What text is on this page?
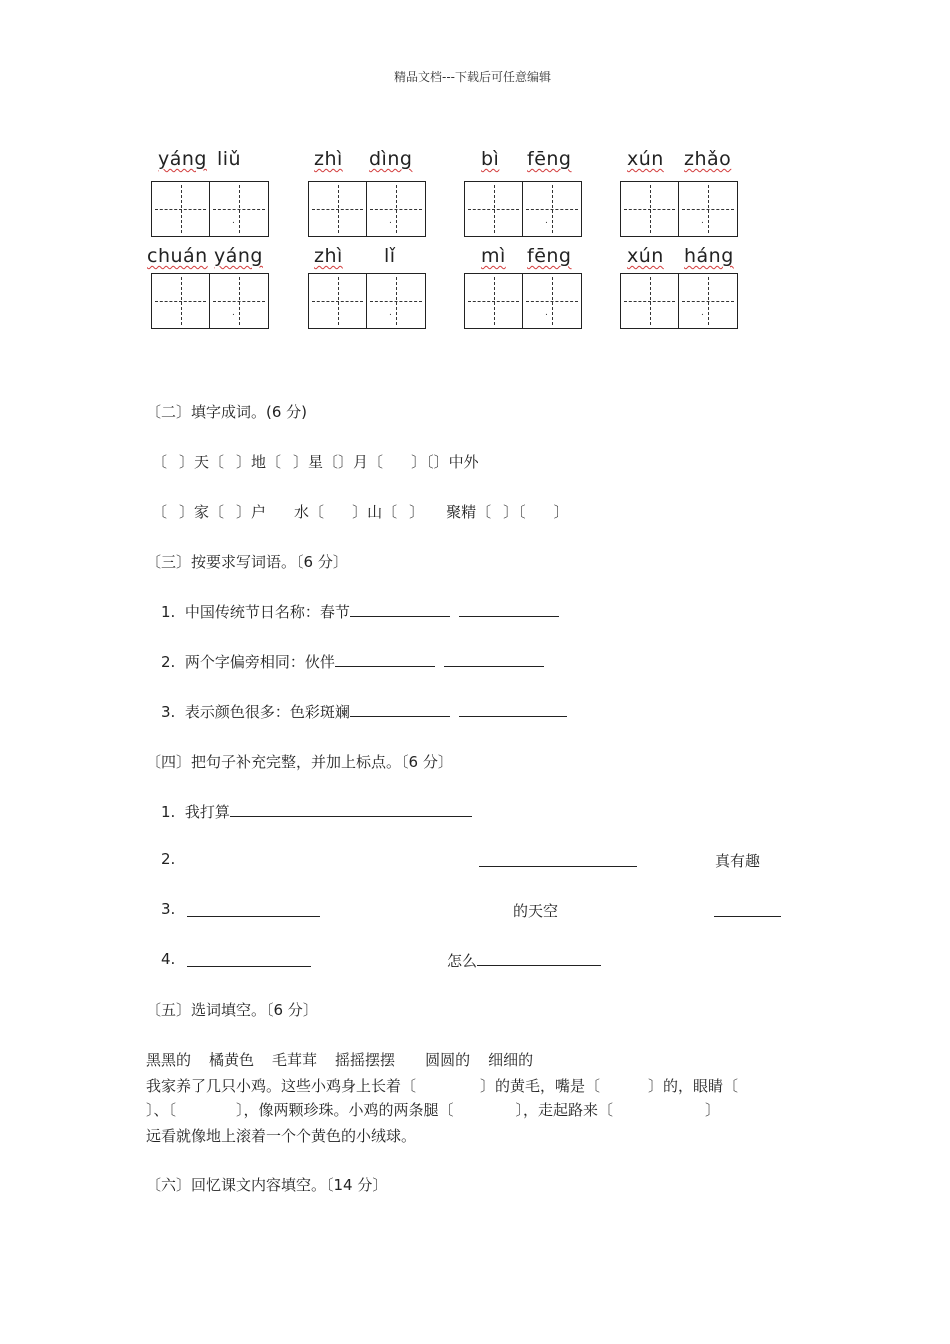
精品文档---下载后可任意编辑
yáng liǔ	zhì dìng	bì fēng	xún zhǎo
.	.	.	.
chuán yáng	zhì lǐ	mì fēng	xún háng
.	.	.	.
〔二〕填字成词。(6 分)
〔 〕天〔 〕地〔 〕星〔〕月〔 〕〔〕中外
〔 〕家〔 〕户 水〔 〕山〔 〕 聚精〔 〕〔 〕
〔三〕按要求写词语。〔6 分〕
1. 中国传统节日名称：春节
2. 两个字偏旁相同：伙伴
3. 表示颜色很多：色彩斑斓
〔四〕把句子补充完整，并加上标点。〔6 分〕
1. 我打算
2.	真有趣
3.	的天空
4.	怎么
〔五〕选词填空。〔6 分〕
黑黑的 橘黄色 毛茸茸 摇摇摆摆 圆圆的 细细的
我家养了几只小鸡。这些小鸡身上长着〔	〕的黄毛，嘴是〔	〕的，眼睛〔
〕、〔	〕，像两颗珍珠。小鸡的两条腿〔	〕，走起路来〔	〕
远看就像地上滚着一个个黄色的小绒球。
〔六〕回忆课文内容填空。〔14 分〕
